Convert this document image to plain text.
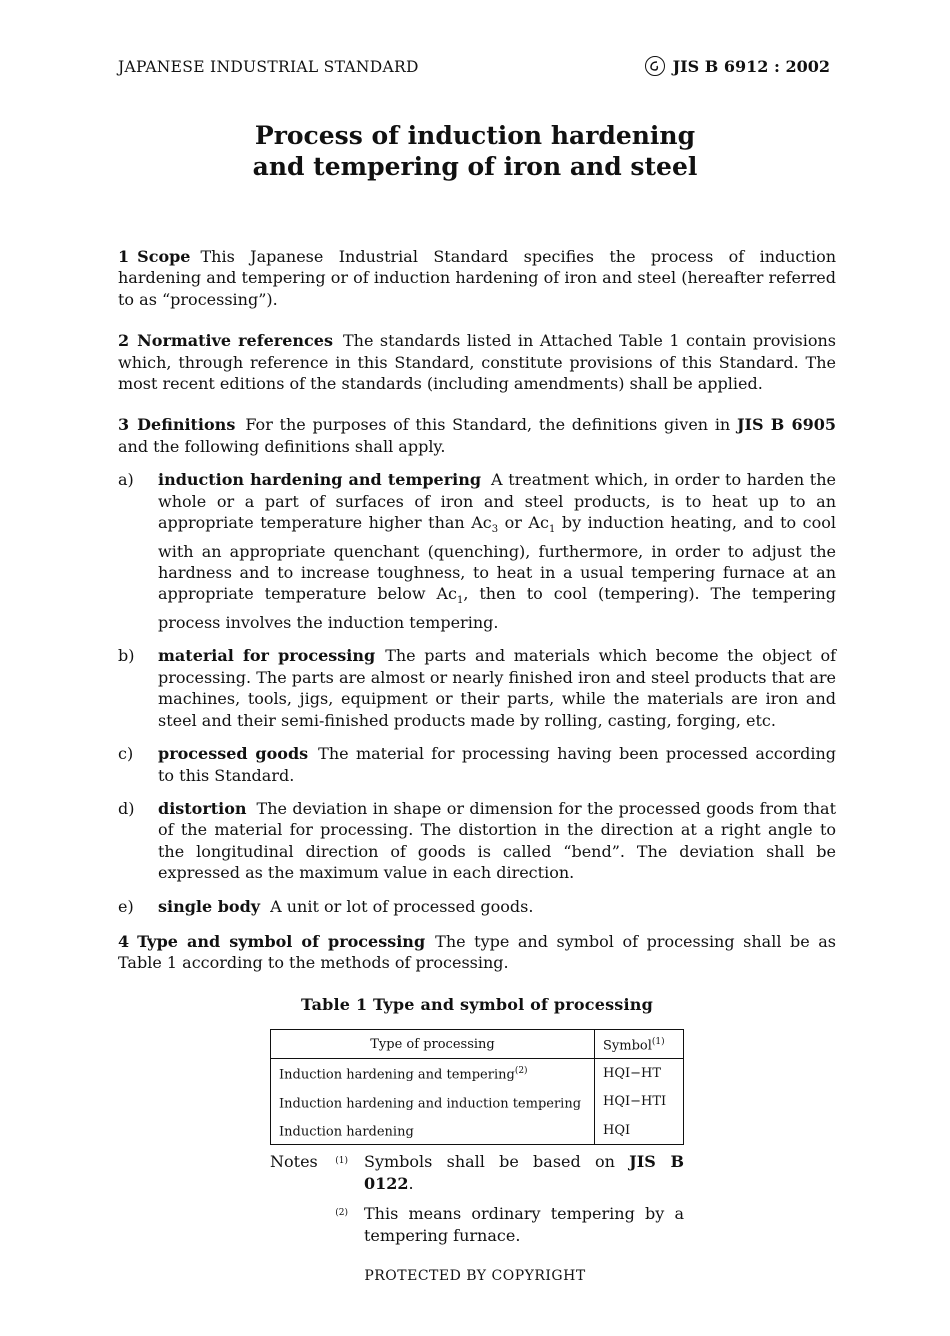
JAPANESE INDUSTRIAL STANDARD	JIS B 6912 : 2002
Process of induction hardening
and tempering of iron and steel

1 Scope This Japanese Industrial Standard specifies the process of induction hardening and tempering or of induction hardening of iron and steel (hereafter referred to as “processing”).

2 Normative references The standards listed in Attached Table 1 contain provisions which, through reference in this Standard, constitute provisions of this Standard. The most recent editions of the standards (including amendments) shall be applied.

3 Definitions For the purposes of this Standard, the definitions given in JIS B 6905 and the following definitions shall apply.

a)	induction hardening and tempering A treatment which, in order to harden the whole or a part of surfaces of iron and steel products, is to heat up to an appropriate temperature higher than $Ac_3$ or $Ac_1$ by induction heating, and to cool with an appropriate quenchant (quenching), furthermore, in order to adjust the hardness and to increase toughness, to heat in a usual tempering furnace at an appropriate temperature below $Ac_1$, then to cool (tempering). The tempering process involves the induction tempering.
b)	material for processing The parts and materials which become the object of processing. The parts are almost or nearly finished iron and steel products that are machines, tools, jigs, equipment or their parts, while the materials are iron and steel and their semi-finished products made by rolling, casting, forging, etc.
c)	processed goods The material for processing having been processed according to this Standard.
d)	distortion The deviation in shape or dimension for the processed goods from that of the material for processing. The distortion in the direction at a right angle to the longitudinal direction of goods is called “bend”. The deviation shall be expressed as the maximum value in each direction.
e)	single body A unit or lot of processed goods.

4 Type and symbol of processing The type and symbol of processing shall be as Table 1 according to the methods of processing.

Table 1 Type and symbol of processing
Type of processing	Symbol$^{(1)}$
Induction hardening and tempering$^{(2)}$	HQI−HT
Induction hardening and induction tempering	HQI−HTI
Induction hardening	HQI
Notes (1) Symbols shall be based on JIS B 0122.
(2) This means ordinary tempering by a tempering furnace.
PROTECTED BY COPYRIGHT
